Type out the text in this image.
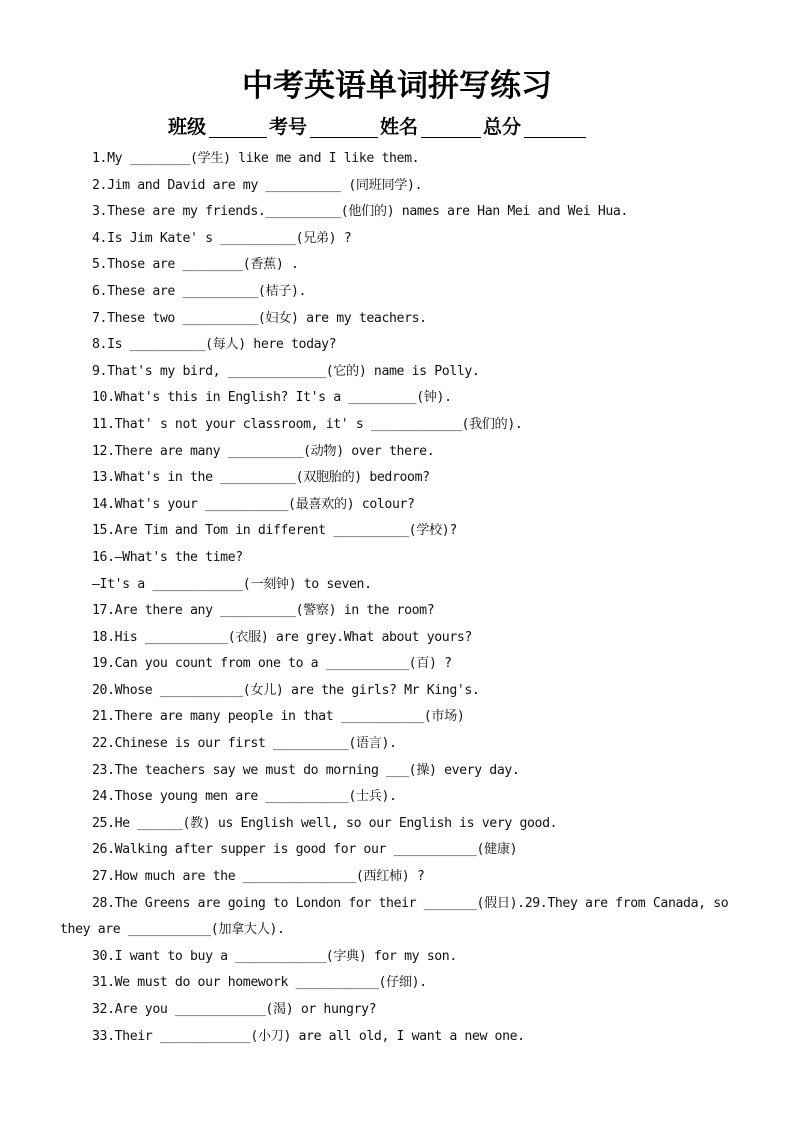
中考英语单词拼写练习
班级	考号	姓名	总分
1.My ________(学生) like me and I like them.
2.Jim and David are my __________ (同班同学).
3.These are my friends.__________(他们的) names are Han Mei and Wei Hua.
4.Is Jim Kate' s __________(兄弟) ?
5.Those are ________(香蕉) .
6.These are __________(桔子).
7.These two __________(妇女) are my teachers.
8.Is __________(每人) here today?
9.That's my bird, _____________(它的) name is Polly.
10.What's this in English? It's a _________(钟).
11.That' s not your classroom, it' s ____________(我们的).
12.There are many __________(动物) over there.
13.What's in the __________(双胞胎的) bedroom?
14.What's your ___________(最喜欢的) colour?
15.Are Tim and Tom in different __________(学校)?
16.—What's the time?
—It's a ____________(一刻钟) to seven.
17.Are there any __________(警察) in the room?
18.His ___________(衣服) are grey.What about yours?
19.Can you count from one to a ___________(百) ?
20.Whose ___________(女儿) are the girls? Mr King's.
21.There are many people in that ___________(市场)
22.Chinese is our first __________(语言).
23.The teachers say we must do morning ___(操) every day.
24.Those young men are ___________(士兵).
25.He ______(教) us English well, so our English is very good.
26.Walking after supper is good for our ___________(健康)
27.How much are the _______________(西红柿) ?
28.The Greens are going to London for their _______(假日).29.They are from Canada, so they are ___________(加拿大人).
30.I want to buy a ____________(字典) for my son.
31.We must do our homework ___________(仔细).
32.Are you ____________(渴) or hungry?
33.Their ____________(小刀) are all old, I want a new one.
